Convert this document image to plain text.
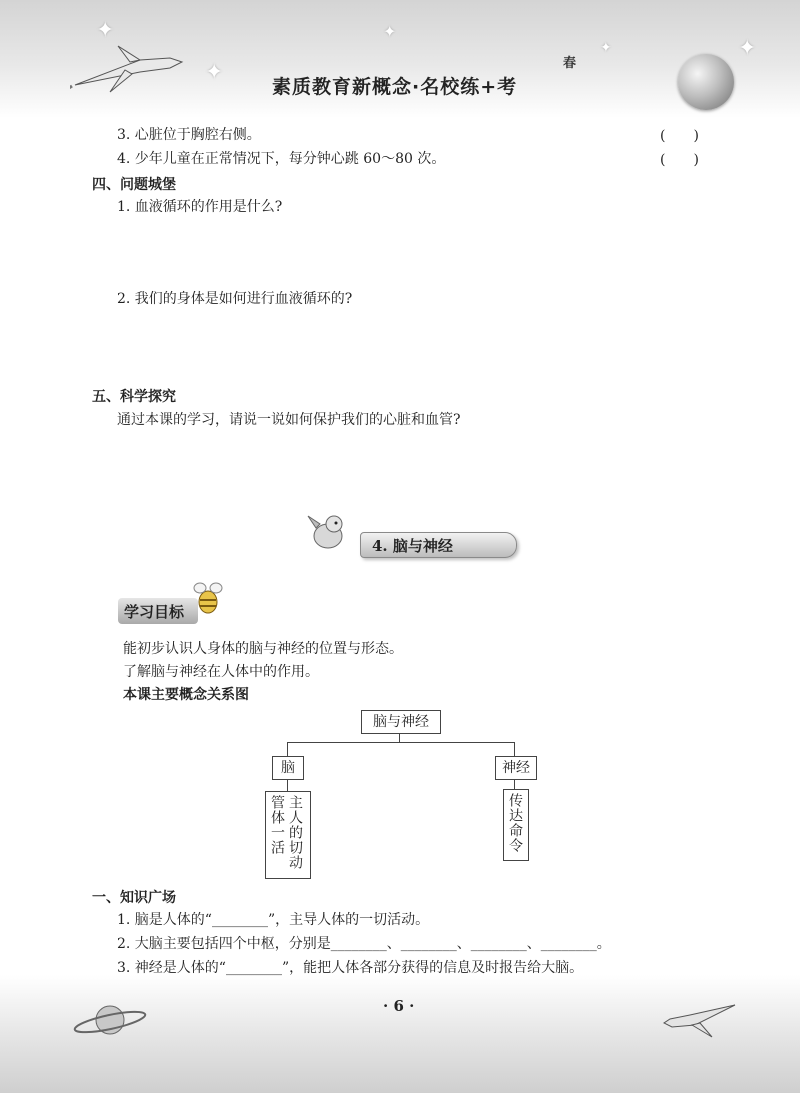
✦
✦
✦
✦	✦
素质教育新概念·名校练+考
春
3. 心脏位于胸腔右侧。	(　　)
4. 少年儿童在正常情况下，每分钟心跳 60～80 次。	(　　)
四、问题城堡
1. 血液循环的作用是什么?
2. 我们的身体是如何进行血液循环的?
五、科学探究
通过本课的学习，请说一说如何保护我们的心脏和血管?
4. 脑与神经
学习目标
能初步认识人身体的脑与神经的位置与形态。
了解脑与神经在人体中的作用。
本课主要概念关系图
脑与神经
脑	神经
主人的切动
管体一活	传达命令
一、知识广场
1. 脑是人体的“________”，主导人体的一切活动。
2. 大脑主要包括四个中枢，分别是________、________、________、________。
3. 神经是人体的“________”，能把人体各部分获得的信息及时报告给大脑。
· 6 ·
